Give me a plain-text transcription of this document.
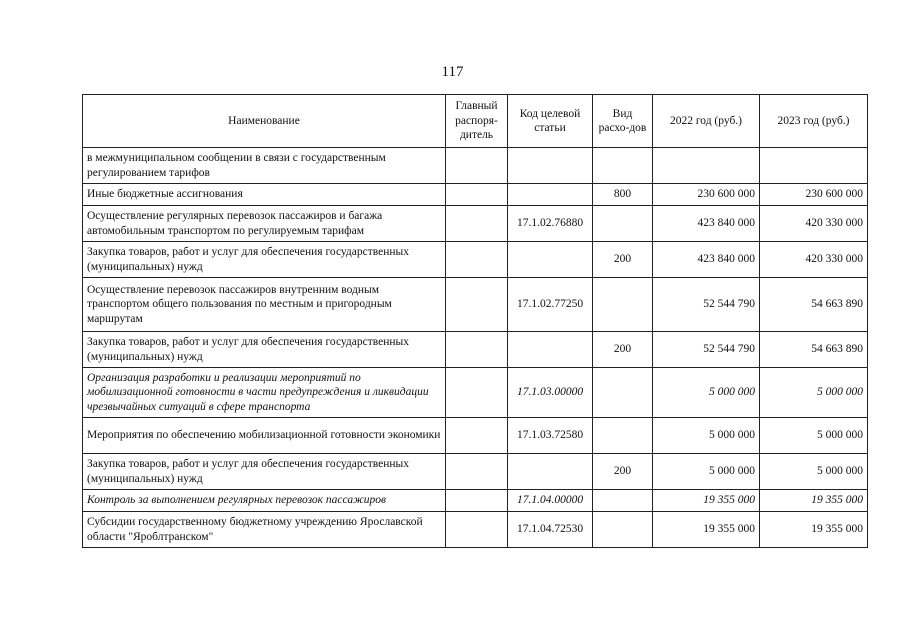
117
Наименование	Главный распоря-дитель	Код целевой статьи	Вид расхо-дов	2022 год (руб.)	2023 год (руб.)
в межмуниципальном сообщении в связи с государственным регулированием тарифов					
Иные бюджетные ассигнования			800	230 600 000	230 600 000
Осуществление регулярных перевозок пассажиров и багажа автомобильным транспортом по регулируемым тарифам		17.1.02.76880		423 840 000	420 330 000
Закупка товаров, работ и услуг для обеспечения государственных (муниципальных) нужд			200	423 840 000	420 330 000
Осуществление перевозок пассажиров внутренним водным транспортом общего пользования по местным и пригородным маршрутам		17.1.02.77250		52 544 790	54 663 890
Закупка товаров, работ и услуг для обеспечения государственных (муниципальных) нужд			200	52 544 790	54 663 890
Организация разработки и реализации мероприятий по мобилизационной готовности в части предупреждения и ликвидации чрезвычайных ситуаций в сфере транспорта		17.1.03.00000		5 000 000	5 000 000
Мероприятия по обеспечению мобилизационной готовности экономики		17.1.03.72580		5 000 000	5 000 000
Закупка товаров, работ и услуг для обеспечения государственных (муниципальных) нужд			200	5 000 000	5 000 000
Контроль за выполнением регулярных перевозок пассажиров		17.1.04.00000		19 355 000	19 355 000
Субсидии государственному бюджетному учреждению Ярославской области "Яроблтранском"		17.1.04.72530		19 355 000	19 355 000
